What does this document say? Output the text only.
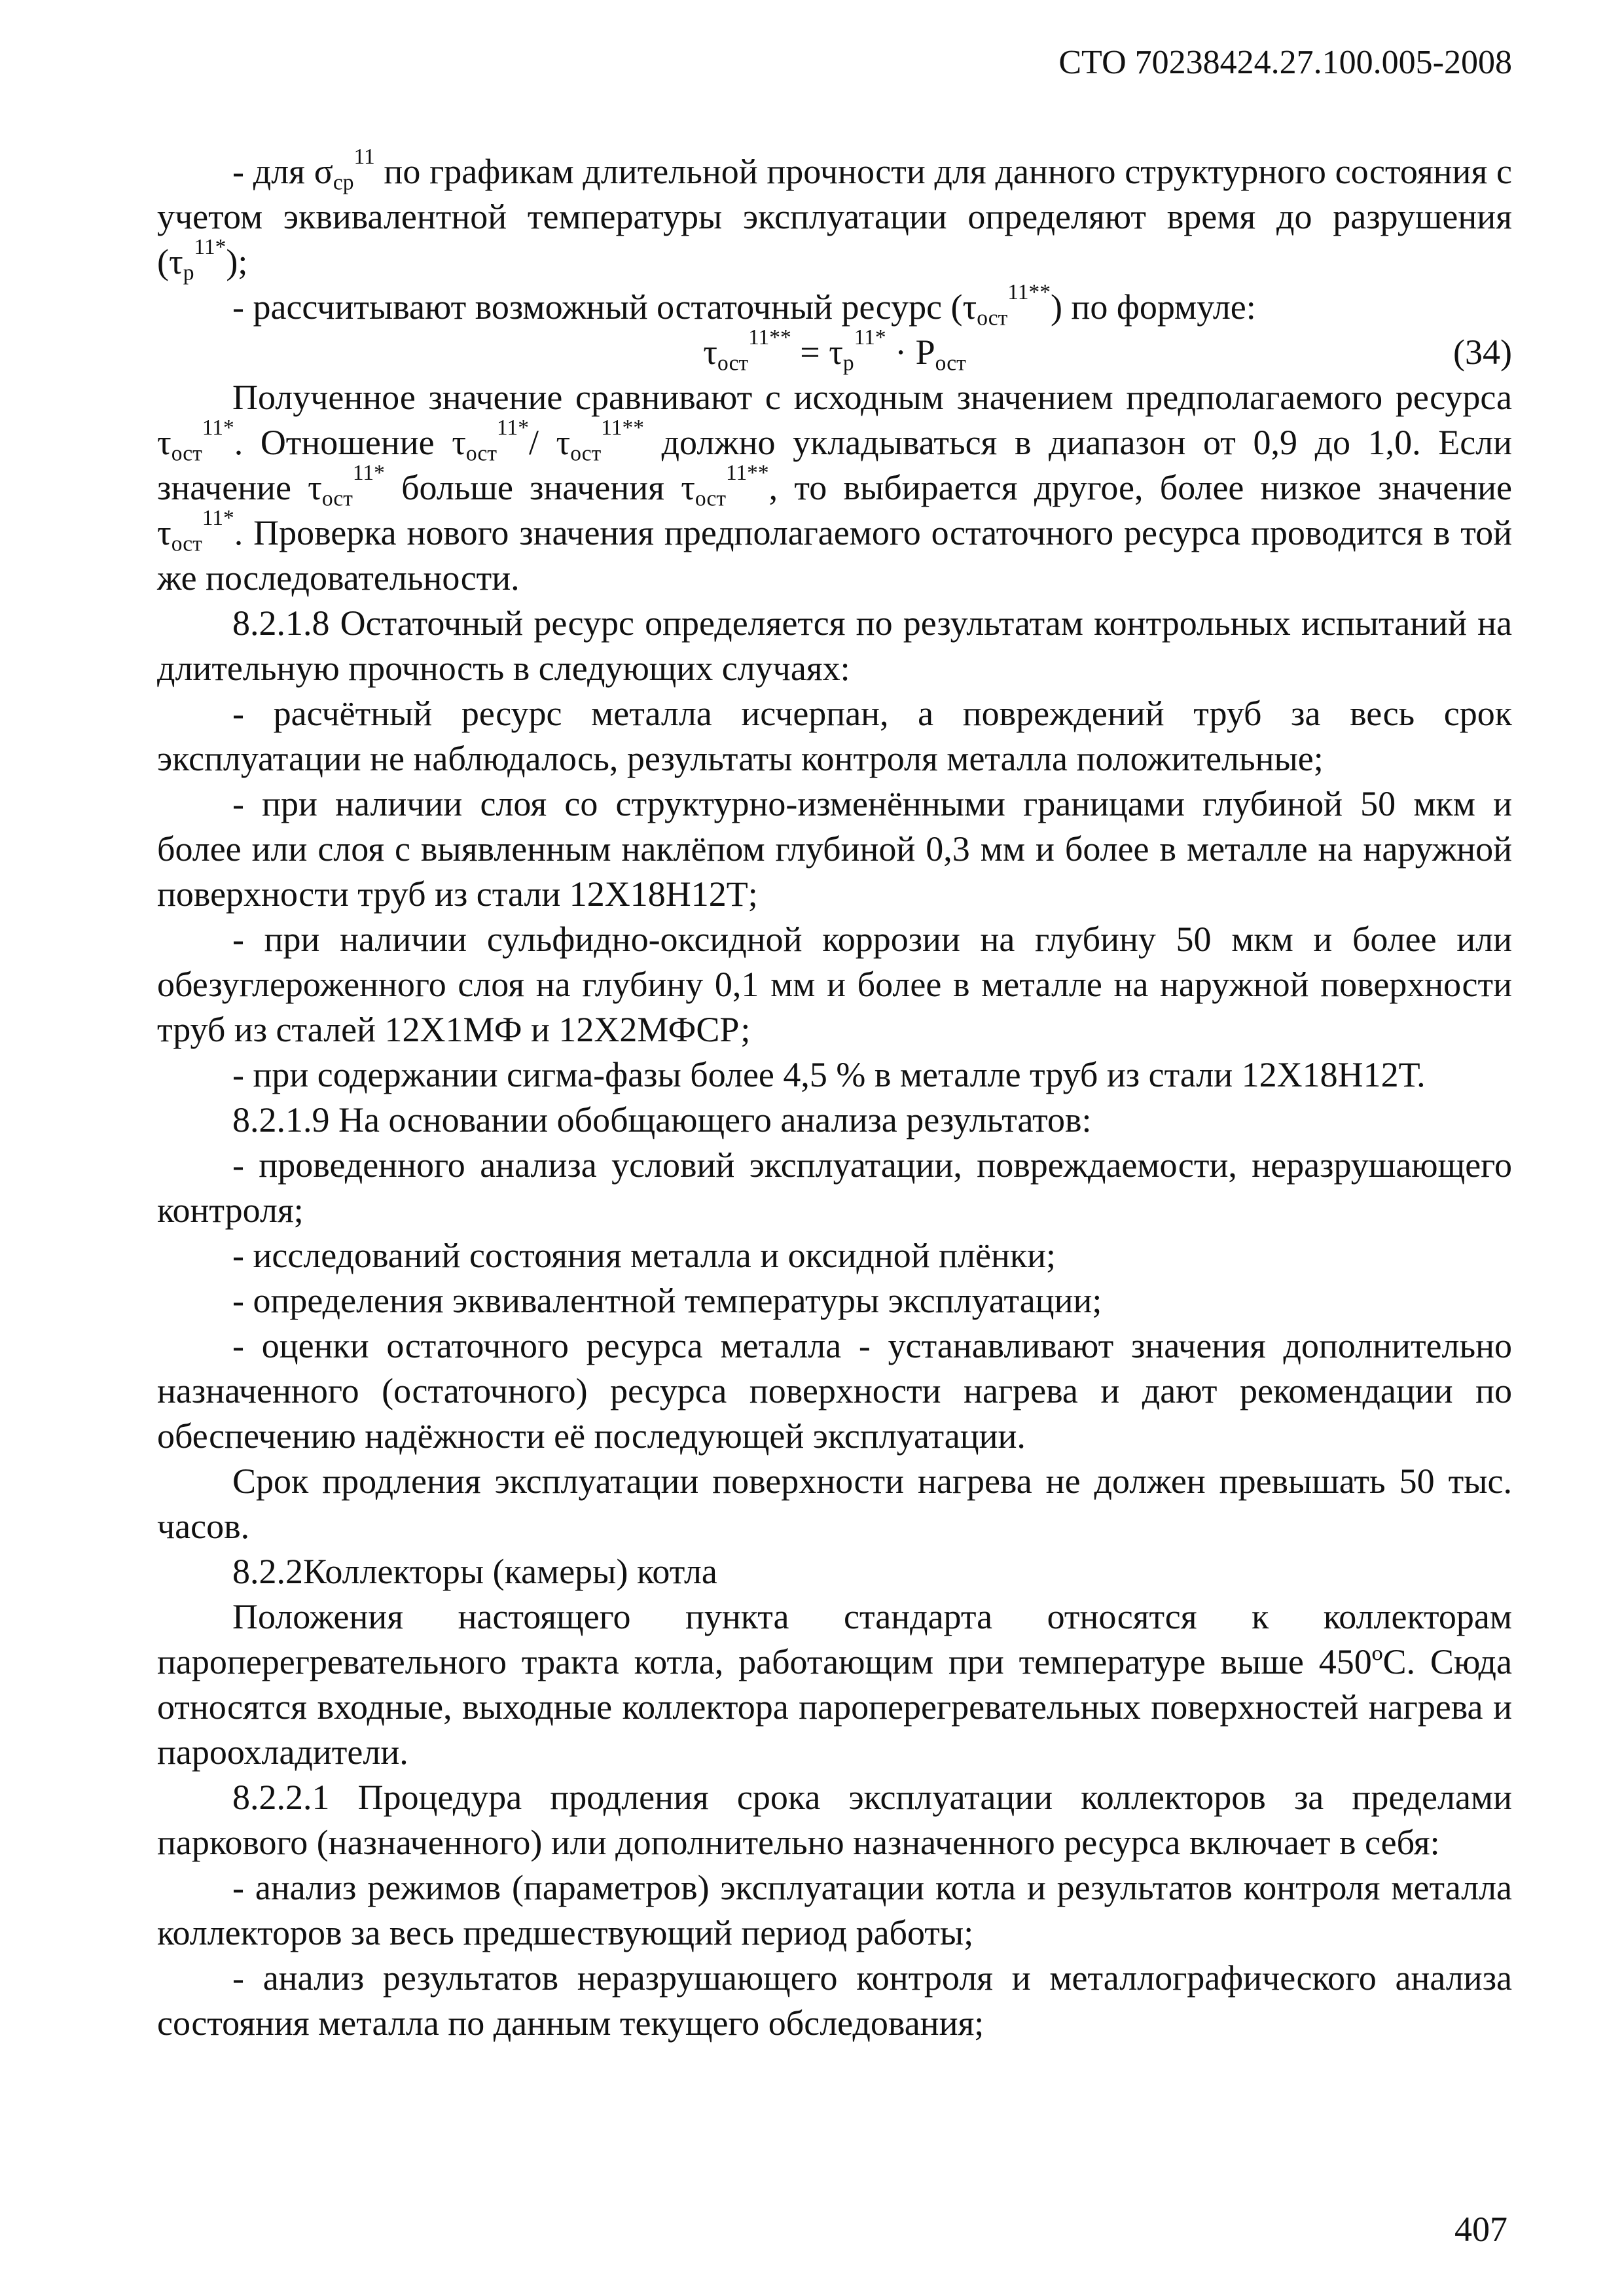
СТО 70238424.27.100.005-2008

- для $\sigma_{ср}^{11}$ по графикам длительной прочности для данного структурного состояния с учетом эквивалентной температуры эксплуатации определяют время до разрушения $(\tau_р^{11*})$;

- рассчитывают возможный остаточный ресурс $(\tau_{ост}^{11**})$ по формуле:

$\tau_{ост}^{11**} = \tau_р^{11*} \cdot Р_{ост}$	(34)

Полученное значение сравнивают с исходным значением предполагаемого ресурса $\tau_{ост}^{11*}$. Отношение $\tau_{ост}^{11*}/$ $\tau_{ост}^{11**}$ должно укладываться в диапазон от 0,9 до 1,0. Если значение $\tau_{ост}^{11*}$ больше значения $\tau_{ост}^{11**}$, то выбирается другое, более низкое значение $\tau_{ост}^{11*}$. Проверка нового значения предполагаемого остаточного ресурса проводится в той же последовательности.

8.2.1.8 Остаточный ресурс определяется по результатам контрольных испытаний на длительную прочность в следующих случаях:

- расчётный ресурс металла исчерпан, а повреждений труб за весь срок эксплуатации не наблюдалось, результаты контроля металла положительные;

- при наличии слоя со структурно-изменёнными границами глубиной 50 мкм и более или слоя с выявленным наклёпом глубиной 0,3 мм и более в металле на наружной поверхности труб из стали 12Х18Н12Т;

- при наличии сульфидно-оксидной коррозии на глубину 50 мкм и более или обезуглероженного слоя на глубину 0,1 мм и более в металле на наружной поверхности труб из сталей 12Х1МФ и 12Х2МФСР;

- при содержании сигма-фазы более 4,5 % в металле труб из стали 12Х18Н12Т.

8.2.1.9 На основании обобщающего анализа результатов:

- проведенного анализа условий эксплуатации, повреждаемости, неразрушающего контроля;

- исследований состояния металла и оксидной плёнки;

- определения эквивалентной температуры эксплуатации;

- оценки остаточного ресурса металла - устанавливают значения дополнительно назначенного (остаточного) ресурса поверхности нагрева и дают рекомендации по обеспечению надёжности её последующей эксплуатации.

Срок продления эксплуатации поверхности нагрева не должен превышать 50 тыс. часов.

8.2.2Коллекторы (камеры) котла

Положения настоящего пункта стандарта относятся к коллекторам пароперегревательного тракта котла, работающим при температуре выше 450ºС. Сюда относятся входные, выходные коллектора пароперегревательных поверхностей нагрева и пароохладители.

8.2.2.1 Процедура продления срока эксплуатации коллекторов за пределами паркового (назначенного) или дополнительно назначенного ресурса включает в себя:

- анализ режимов (параметров) эксплуатации котла и результатов контроля металла коллекторов за весь предшествующий период работы;

- анализ результатов неразрушающего контроля и металлографического анализа состояния металла по данным текущего обследования;

407
